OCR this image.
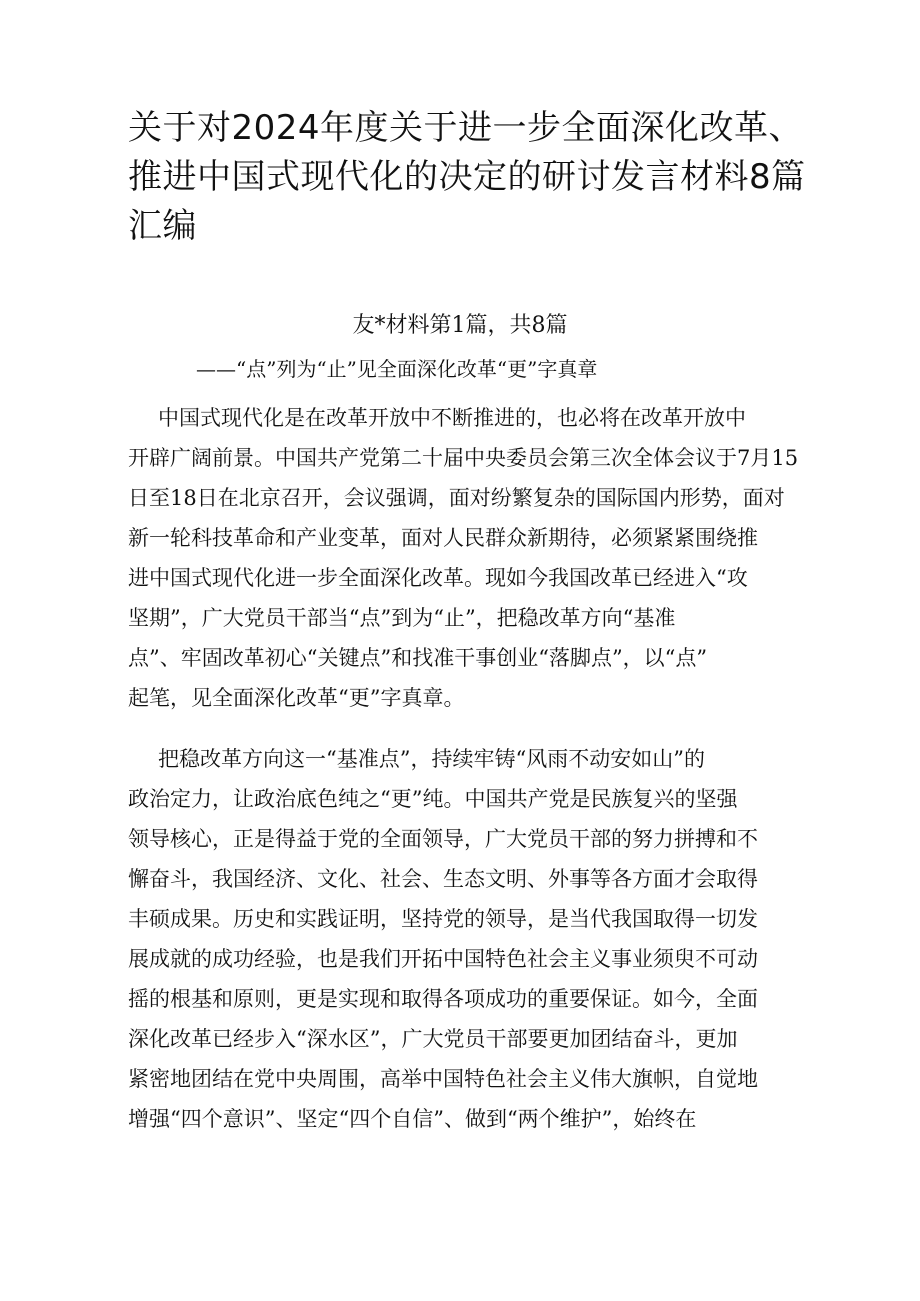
关于对2024年度关于进一步全面深化改革、
推进中国式现代化的决定的研讨发言材料8篇
汇编
友*材料第1篇，共8篇
——“点”列为“止”见全面深化改革“更”字真章

中国式现代化是在改革开放中不断推进的，也必将在改革开放中
开辟广阔前景。中国共产党第二十届中央委员会第三次全体会议于7月15
日至18日在北京召开，会议强调，面对纷繁复杂的国际国内形势，面对
新一轮科技革命和产业变革，面对人民群众新期待，必须紧紧围绕推
进中国式现代化进一步全面深化改革。现如今我国改革已经进入“攻
坚期”，广大党员干部当“点”到为“止”，把稳改革方向“基准
点”、牢固改革初心“关键点”和找准干事创业“落脚点”，以“点”
起笔，见全面深化改革“更”字真章。

把稳改革方向这一“基准点”，持续牢铸“风雨不动安如山”的
政治定力，让政治底色纯之“更”纯。中国共产党是民族复兴的坚强
领导核心，正是得益于党的全面领导，广大党员干部的努力拼搏和不
懈奋斗，我国经济、文化、社会、生态文明、外事等各方面才会取得
丰硕成果。历史和实践证明，坚持党的领导，是当代我国取得一切发
展成就的成功经验，也是我们开拓中国特色社会主义事业须臾不可动
摇的根基和原则，更是实现和取得各项成功的重要保证。如今，全面
深化改革已经步入“深水区”，广大党员干部要更加团结奋斗，更加
紧密地团结在党中央周围，高举中国特色社会主义伟大旗帜，自觉地
增强“四个意识”、坚定“四个自信”、做到“两个维护”，始终在
